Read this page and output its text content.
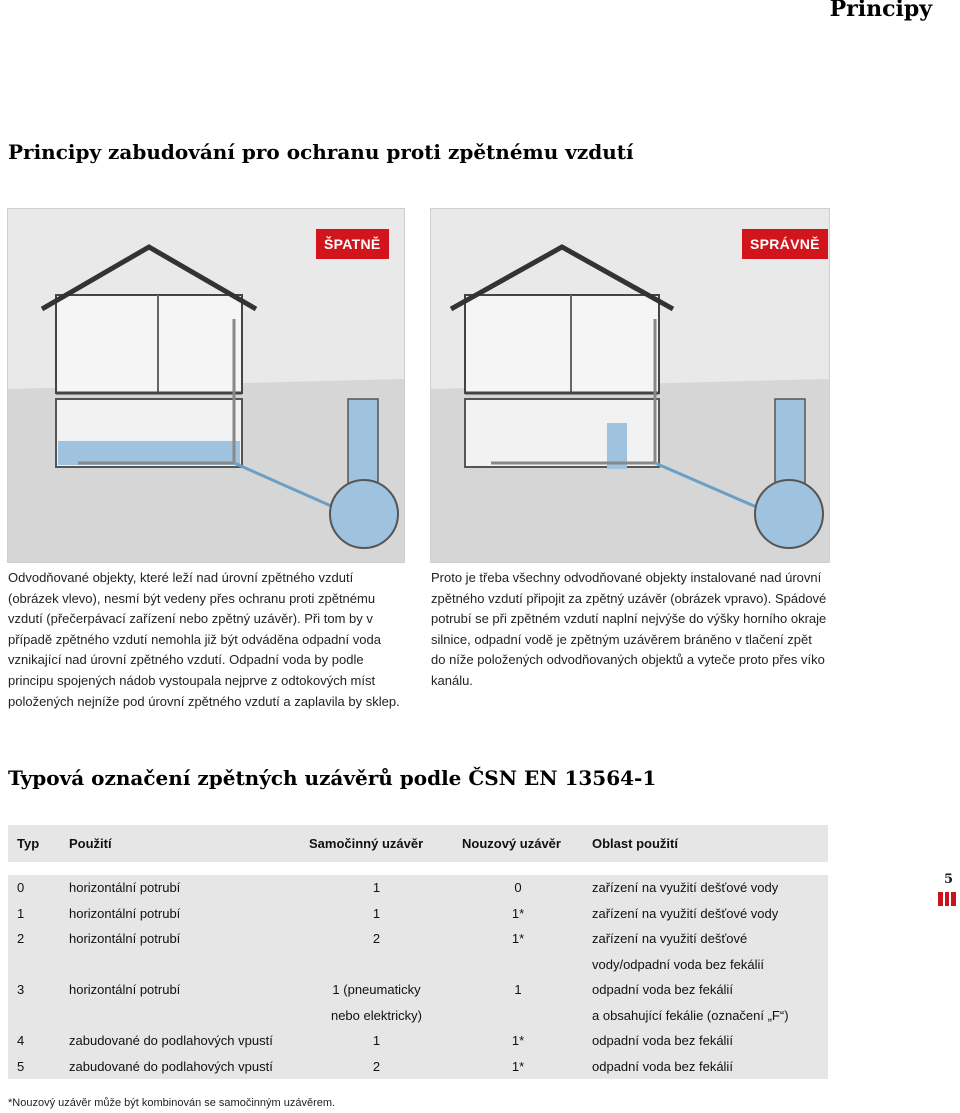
Principy
Principy zabudování pro ochranu proti zpětnému vzdutí
ŠPATNĚ	SPRÁVNĚ
Odvodňované objekty, které leží nad úrovní zpětného vzdutí (obrázek vlevo), nesmí být vedeny přes ochranu proti zpětnému vzdutí (přečerpávací zařízení nebo zpětný uzávěr). Při tom by v případě zpětného vzdutí nemohla již být odváděna odpadní voda vznikající nad úrovní zpětného vzdutí. Odpadní voda by podle principu spojených nádob vystoupala nejprve z odtokových míst položených nejníže pod úrovní zpětného vzdutí a zaplavila by sklep.
Proto je třeba všechny odvodňované objekty instalované nad úrovní zpětného vzdutí připojit za zpětný uzávěr (obrázek vpravo). Spádové potrubí se při zpětném vzdutí naplní nejvýše do výšky horního okraje silnice, odpadní vodě je zpětným uzávěrem bráněno v tlačení zpět do níže položených odvodňovaných objektů a vyteče proto přes víko kanálu.
Typová označení zpětných uzávěrů podle ČSN EN 13564-1
Typ	Použití	Samočinný uzávěr	Nouzový uzávěr	Oblast použití

0	horizontální potrubí	1	0	zařízení na využití dešťové vody
1	horizontální potrubí	1	1*	zařízení na využití dešťové vody
2	horizontální potrubí	2	1*	zařízení na využití dešťové
				vody/odpadní voda bez fekálií
3	horizontální potrubí	1 (pneumaticky	1	odpadní voda bez fekálií
		nebo elektricky)		a obsahující fekálie (označení „F“)
4	zabudované do podlahových vpustí	1	1*	odpadní voda bez fekálií
5	zabudované do podlahových vpustí	2	1*	odpadní voda bez fekálií
*Nouzový uzávěr může být kombinován se samočinným uzávěrem.
5
